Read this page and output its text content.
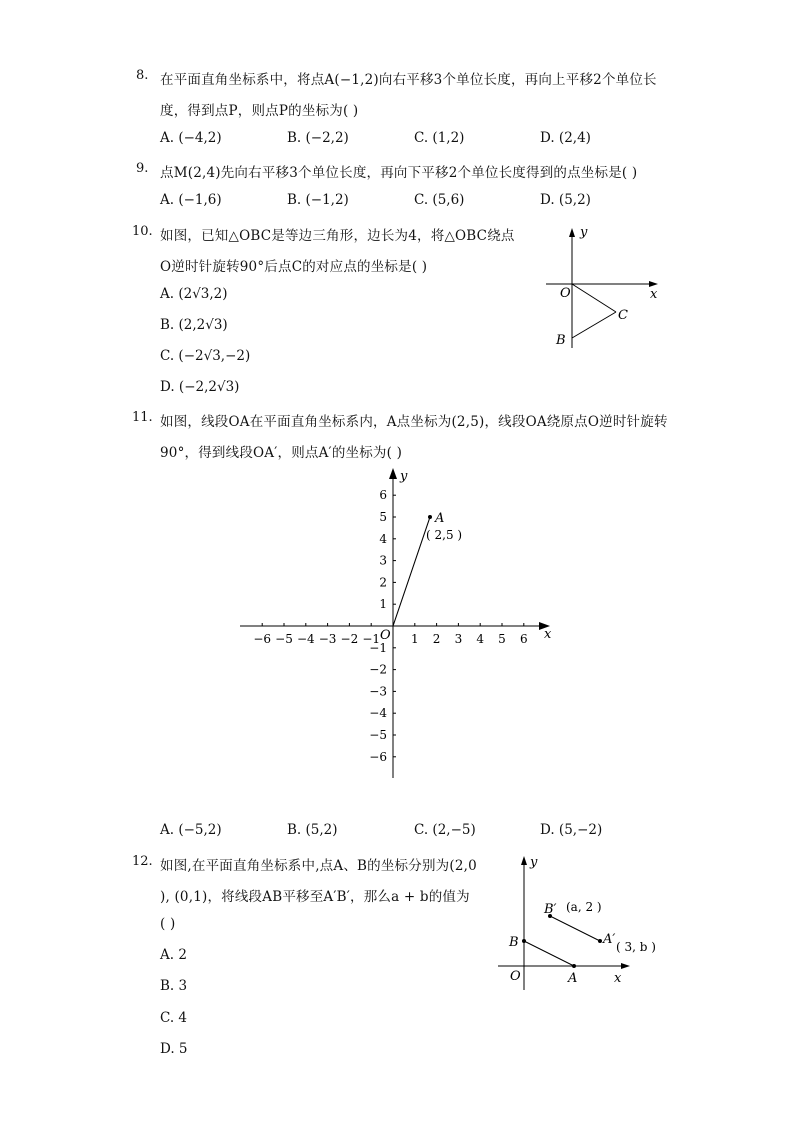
8. 在平面直角坐标系中，将点A(−1,2)向右平移3个单位长度，再向上平移2个单位长
度，得到点P，则点P的坐标为( )
A. (−4,2)	B. (−2,2)	C. (1,2)	D. (2,4)
9. 点M(2,4)先向右平移3个单位长度，再向下平移2个单位长度得到的点坐标是( )
A. (−1,6)	B. (−1,2)	C. (5,6)	D. (5,2)
10. 如图，已知△OBC是等边三角形，边长为4，将△OBC绕点
O逆时针旋转90°后点C的对应点的坐标是( )
A. (2√3,2)
B. (2,2√3)
C. (−2√3,−2)
D. (−2,2√3)
y
x
O
C
B
11. 如图，线段OA在平面直角坐标系内，A点坐标为(2,5)，线段OA绕原点O逆时针旋转
90°，得到线段OA′，则点A′的坐标为( )
−6 −5 −4 −3 −2 −1	1 2 3 4 5 6
6
5
4
3
2
1
−1
−2
−3
−4
−5
−6
A
( 2,5 )
y
x
O
A. (−5,2)	B. (5,2)	C. (2,−5)	D. (5,−2)
12. 如图,在平面直角坐标系中,点A、B的坐标分别为(2,0
), (0,1)，将线段AB平移至A′B′，那么a + b的值为
( )
A. 2
B. 3
C. 4
D. 5
y
x
O	A
B
B′ (a, 2 )
A′ ( 3, b )
